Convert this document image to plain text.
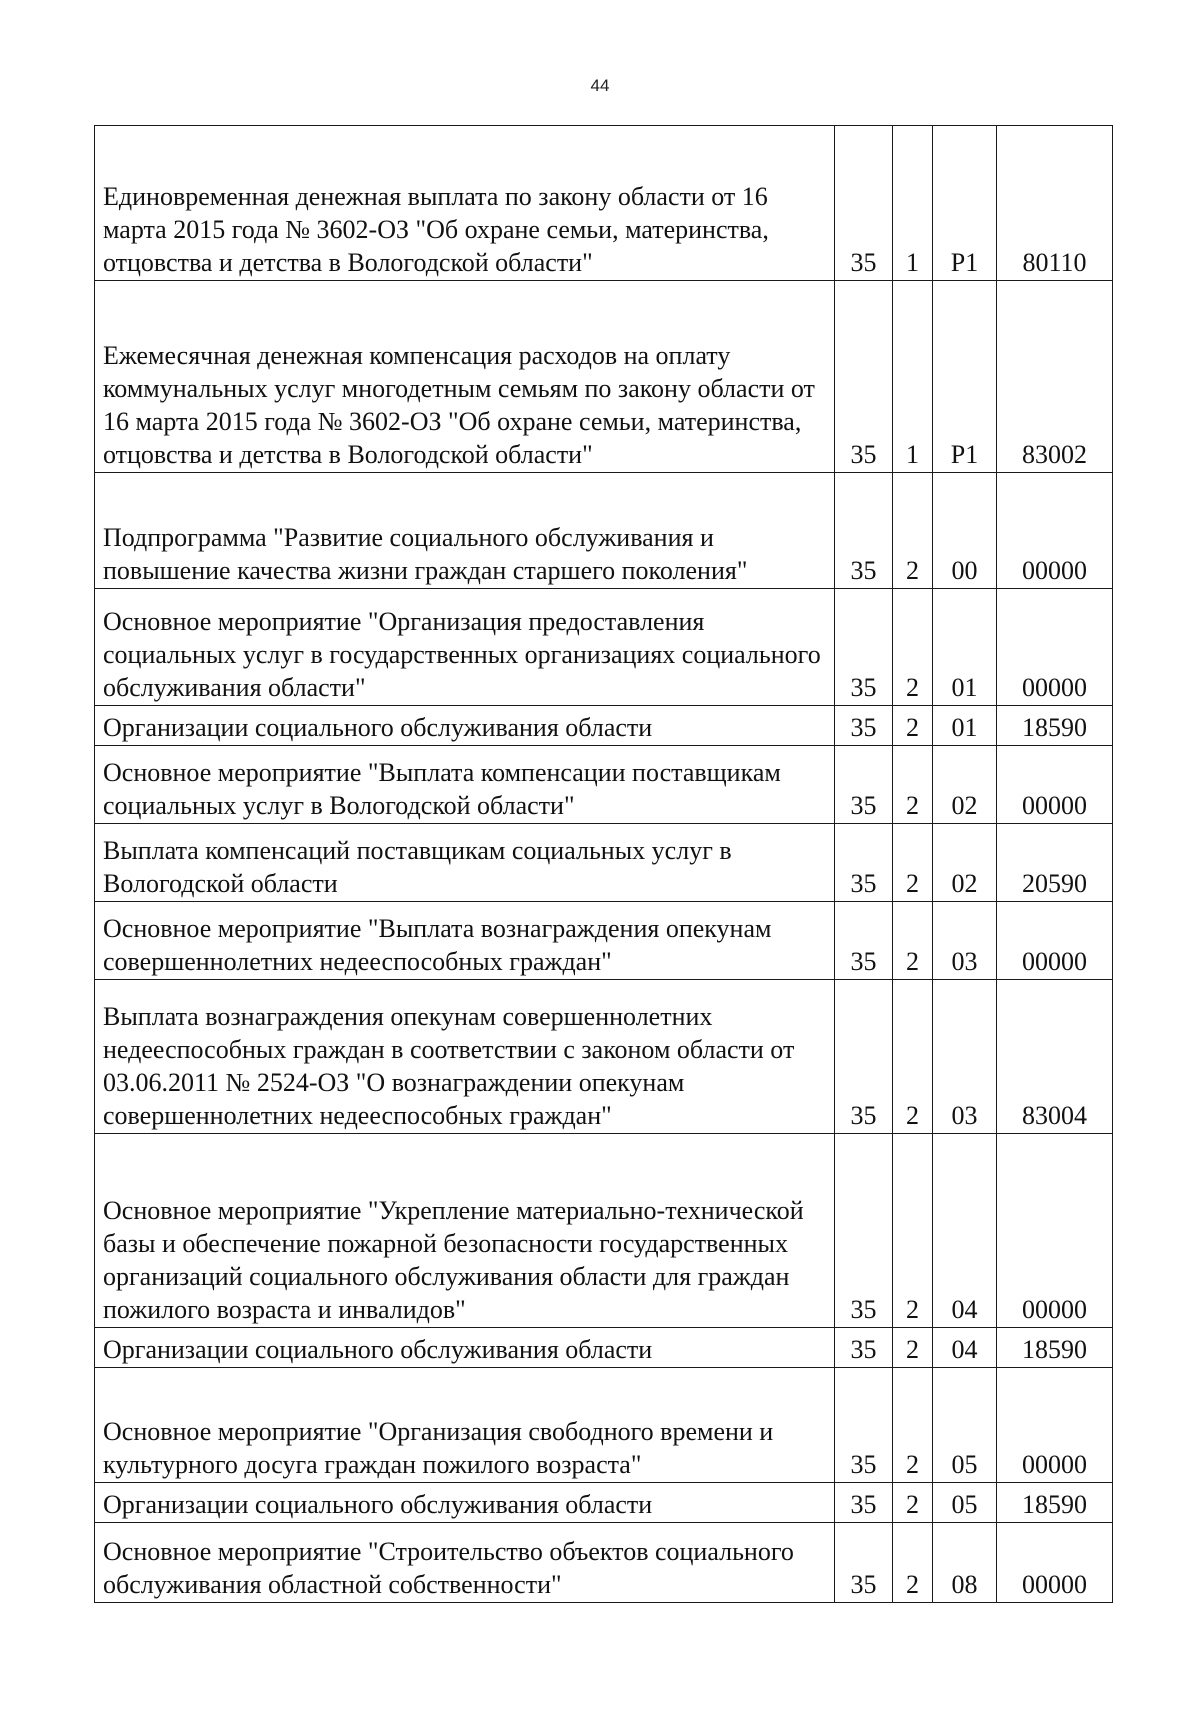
44
Единовременная денежная выплата по закону области от 16 марта 2015 года № 3602-ОЗ "Об охране семьи, материнства, отцовства и детства в Вологодской области"	35	1	Р1	80110

Ежемесячная денежная компенсация расходов на оплату коммунальных услуг многодетным семьям по закону области от 16 марта 2015 года № 3602-ОЗ "Об охране семьи, материнства, отцовства и детства в Вологодской области"	35	1	Р1	83002

Подпрограмма "Развитие социального обслуживания и повышение качества жизни граждан старшего поколения"	35	2	00	00000

Основное мероприятие "Организация предоставления социальных услуг в государственных организациях социального обслуживания области"	35	2	01	00000

Организации социального обслуживания области	35	2	01	18590

Основное мероприятие "Выплата компенсации поставщикам социальных услуг в Вологодской области"	35	2	02	00000

Выплата компенсаций поставщикам социальных услуг в Вологодской области	35	2	02	20590

Основное мероприятие "Выплата вознаграждения опекунам совершеннолетних недееспособных граждан"	35	2	03	00000

Выплата вознаграждения опекунам совершеннолетних недееспособных граждан в соответствии с законом области от 03.06.2011 № 2524-ОЗ "О вознаграждении опекунам совершеннолетних недееспособных граждан"	35	2	03	83004

Основное мероприятие "Укрепление материально-технической базы и обеспечение пожарной безопасности государственных организаций социального обслуживания области для граждан пожилого возраста и инвалидов"	35	2	04	00000

Организации социального обслуживания области	35	2	04	18590

Основное мероприятие "Организация свободного времени и культурного досуга граждан пожилого возраста"	35	2	05	00000

Организации социального обслуживания области	35	2	05	18590

Основное мероприятие "Строительство объектов социального обслуживания областной собственности"	35	2	08	00000
